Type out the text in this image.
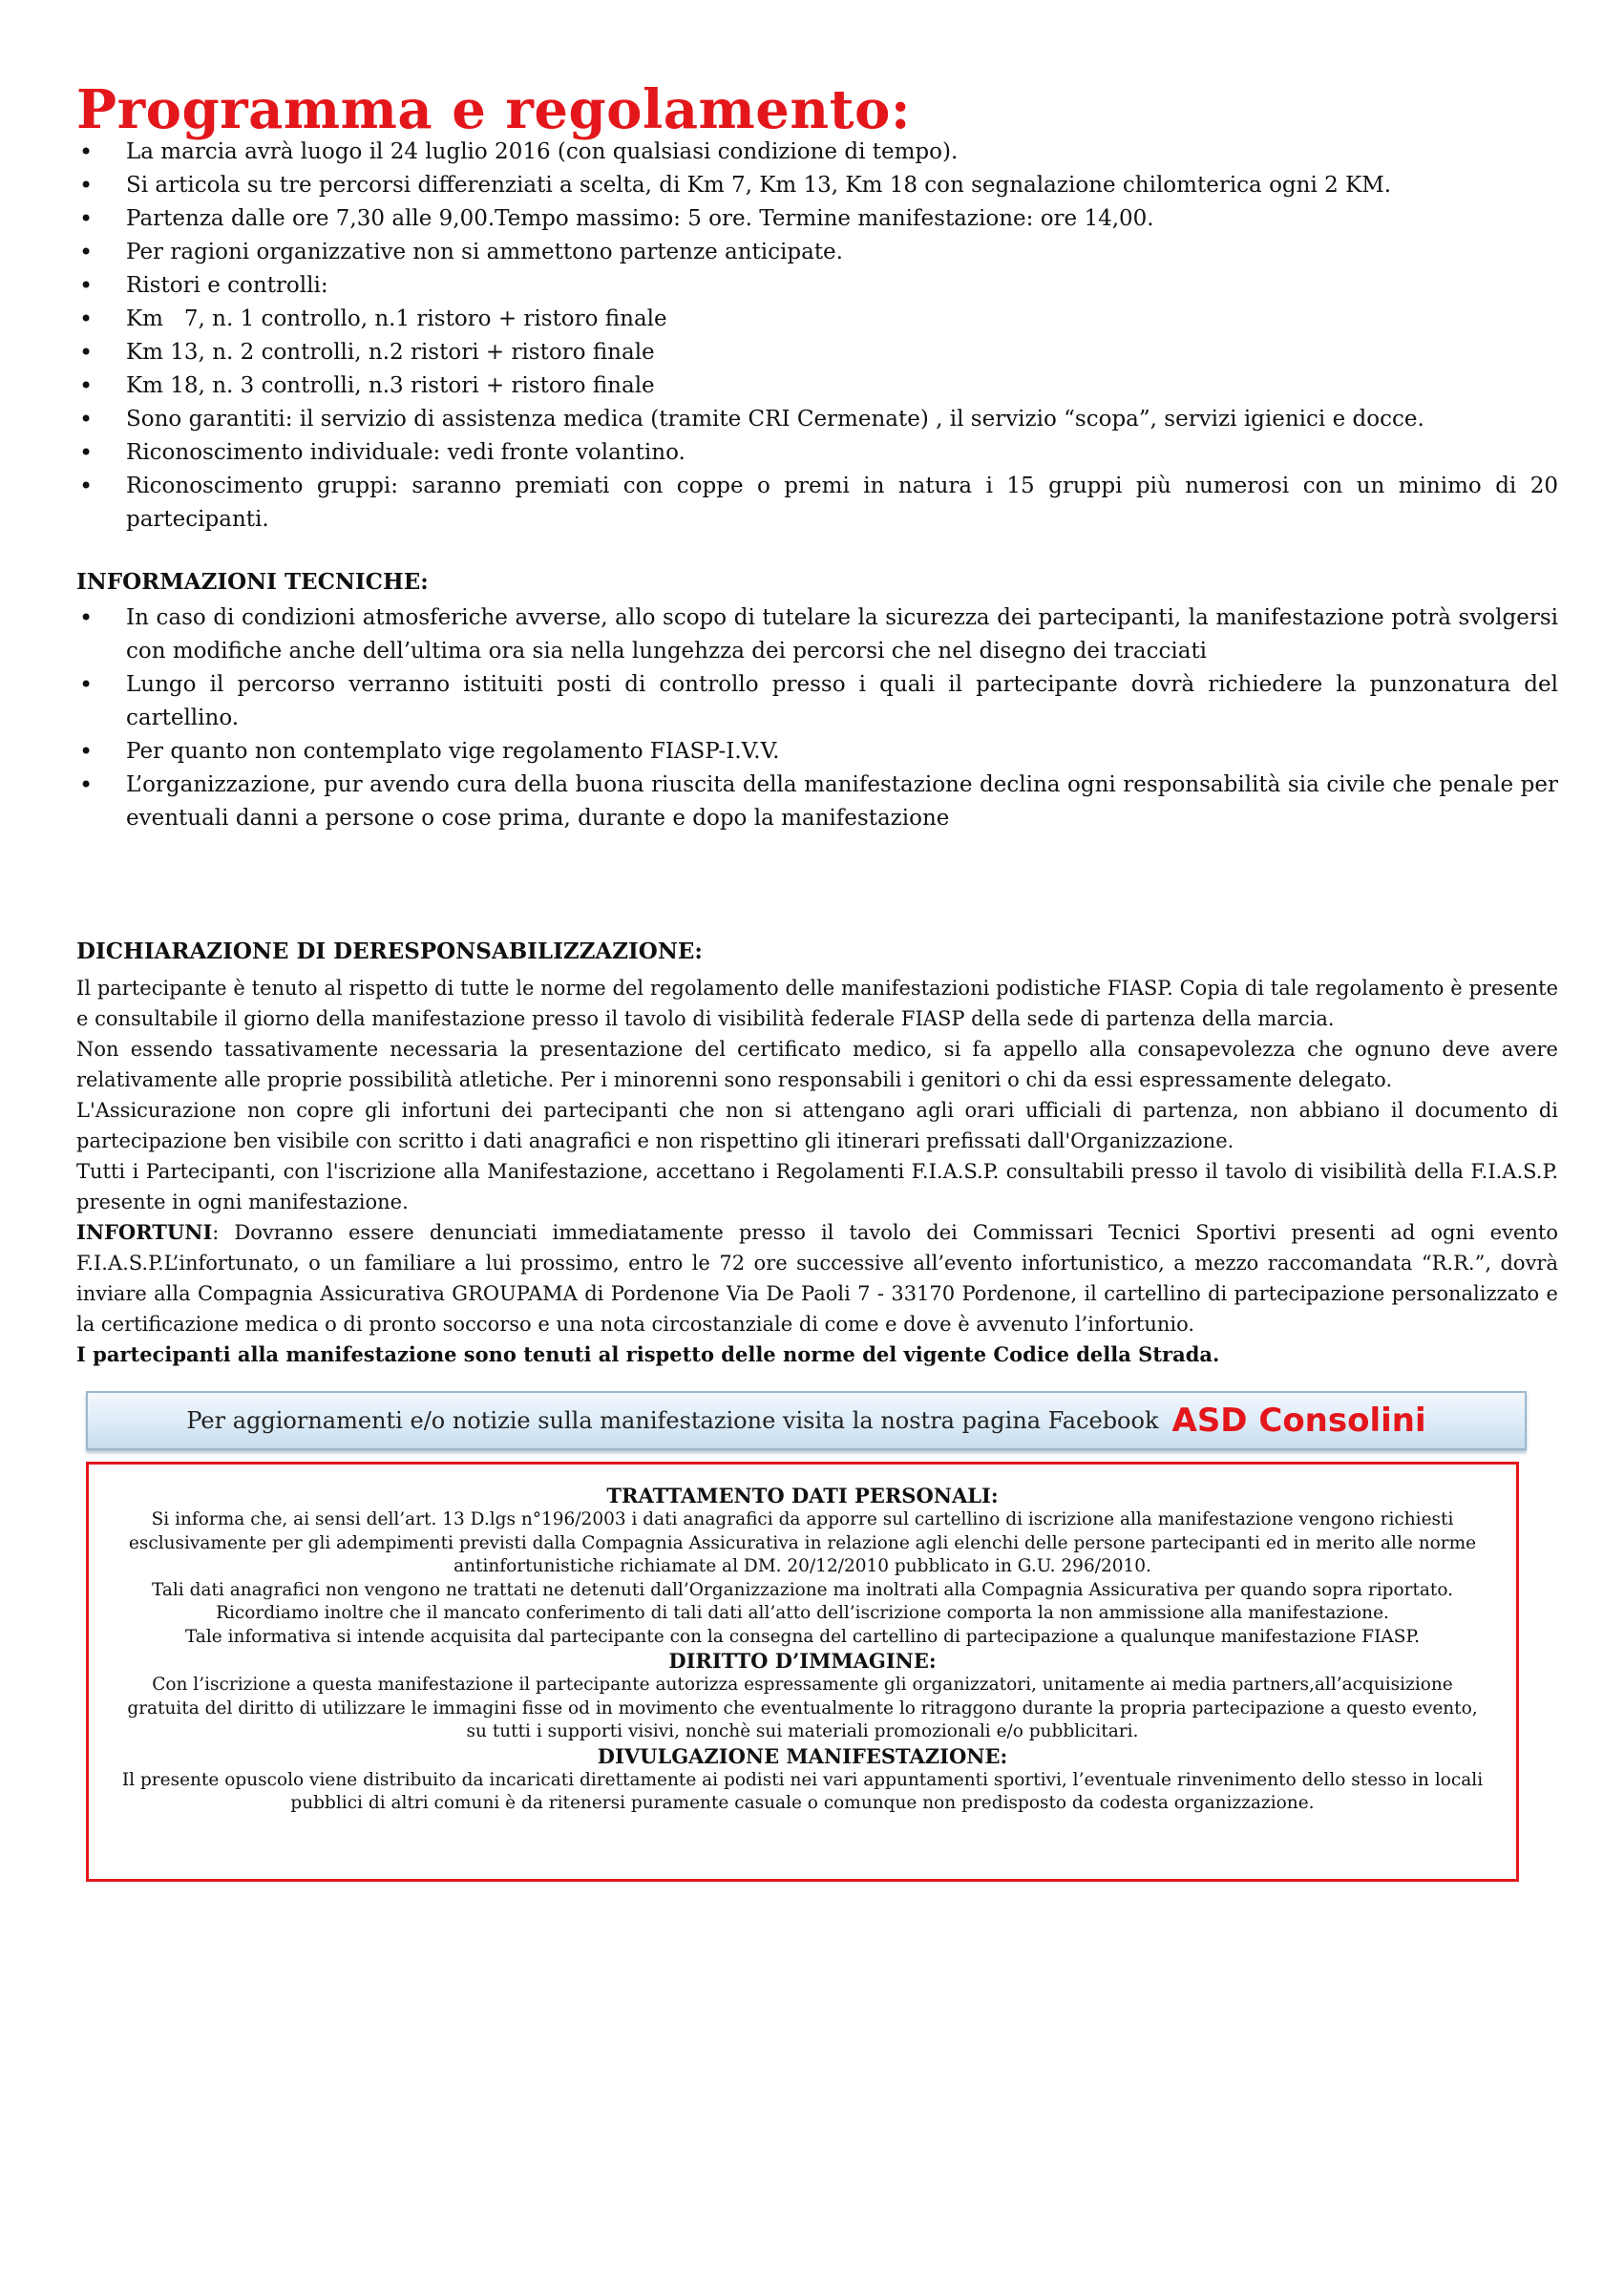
Programma e regolamento:
• La marcia avrà luogo il 24 luglio 2016 (con qualsiasi condizione di tempo).
• Si articola su tre percorsi differenziati a scelta, di Km 7, Km 13, Km 18 con segnalazione chilomterica ogni 2 KM.
• Partenza dalle ore 7,30 alle 9,00.Tempo massimo: 5 ore. Termine manifestazione: ore 14,00.
• Per ragioni organizzative non si ammettono partenze anticipate.
• Ristori e controlli:
• Km   7, n. 1 controllo, n.1 ristoro + ristoro finale
• Km 13, n. 2 controlli, n.2 ristori + ristoro finale
• Km 18, n. 3 controlli, n.3 ristori + ristoro finale
• Sono garantiti: il servizio di assistenza medica (tramite CRI Cermenate) , il servizio “scopa”, servizi igienici e docce.
• Riconoscimento individuale: vedi fronte volantino.
• Riconoscimento gruppi: saranno premiati con coppe o premi in natura i 15 gruppi più numerosi con un minimo di 20 partecipanti.
INFORMAZIONI TECNICHE:
• In caso di condizioni atmosferiche avverse, allo scopo di tutelare la sicurezza dei partecipanti, la manifestazione potrà svolgersi con modifiche anche dell’ultima ora sia nella lungehzza dei percorsi che nel disegno dei tracciati
• Lungo il percorso verranno istituiti posti di controllo presso i quali il partecipante dovrà richiedere la punzonatura del cartellino.
• Per quanto non contemplato vige regolamento FIASP-I.V.V.
• L’organizzazione, pur avendo cura della buona riuscita della manifestazione declina ogni responsabilità sia civile che penale per eventuali danni a persone o cose prima, durante e dopo la manifestazione
DICHIARAZIONE DI DERESPONSABILIZZAZIONE:

Il partecipante è tenuto al rispetto di tutte le norme del regolamento delle manifestazioni podistiche FIASP. Copia di tale regolamento è presente e consultabile il giorno della manifestazione presso il tavolo di visibilità federale FIASP della sede di partenza della marcia.

Non essendo tassativamente necessaria la presentazione del certificato medico, si fa appello alla consapevolezza che ognuno deve avere relativamente alle proprie possibilità atletiche. Per i minorenni sono responsabili i genitori o chi da essi espressamente delegato.

L'Assicurazione non copre gli infortuni dei partecipanti che non si attengano agli orari ufficiali di partenza, non abbiano il documento di partecipazione ben visibile con scritto i dati anagrafici e non rispettino gli itinerari prefissati dall'Organizzazione.

Tutti i Partecipanti, con l'iscrizione alla Manifestazione, accettano i Regolamenti F.I.A.S.P. consultabili presso il tavolo di visibilità della F.I.A.S.P. presente in ogni manifestazione.

INFORTUNI: Dovranno essere denunciati immediatamente presso il tavolo dei Commissari Tecnici Sportivi presenti ad ogni evento F.I.A.S.P.L’infortunato, o un familiare a lui prossimo, entro le 72 ore successive all’evento infortunistico, a mezzo raccomandata “R.R.”, dovrà inviare alla Compagnia Assicurativa GROUPAMA di Pordenone Via De Paoli 7 - 33170 Pordenone, il cartellino di partecipazione personalizzato e la certificazione medica o di pronto soccorso e una nota circostanziale di come e dove è avvenuto l’infortunio.

I partecipanti alla manifestazione sono tenuti al rispetto delle norme del vigente Codice della Strada.

Per aggiornamenti e/o notizie sulla manifestazione visita la nostra pagina Facebook ASD Consolini
TRATTAMENTO DATI PERSONALI:

Si informa che, ai sensi dell’art. 13 D.lgs n°196/2003 i dati anagrafici da apporre sul cartellino di iscrizione alla manifestazione vengono richiesti esclusivamente per gli adempimenti previsti dalla Compagnia Assicurativa in relazione agli elenchi delle persone partecipanti ed in merito alle norme antinfortunistiche richiamate al DM. 20/12/2010 pubblicato in G.U. 296/2010.

Tali dati anagrafici non vengono ne trattati ne detenuti dall’Organizzazione ma inoltrati alla Compagnia Assicurativa per quando sopra riportato.

Ricordiamo inoltre che il mancato conferimento di tali dati all’atto dell’iscrizione comporta la non ammissione alla manifestazione.

Tale informativa si intende acquisita dal partecipante con la consegna del cartellino di partecipazione a qualunque manifestazione FIASP.

DIRITTO D’IMMAGINE:

Con l’iscrizione a questa manifestazione il partecipante autorizza espressamente gli organizzatori, unitamente ai media partners,all’acquisizione gratuita del diritto di utilizzare le immagini fisse od in movimento che eventualmente lo ritraggono durante la propria partecipazione a questo evento, su tutti i supporti visivi, nonchè sui materiali promozionali e/o pubblicitari.

DIVULGAZIONE MANIFESTAZIONE:

Il presente opuscolo viene distribuito da incaricati direttamente ai podisti nei vari appuntamenti sportivi, l’eventuale rinvenimento dello stesso in locali pubblici di altri comuni è da ritenersi puramente casuale o comunque non predisposto da codesta organizzazione.
